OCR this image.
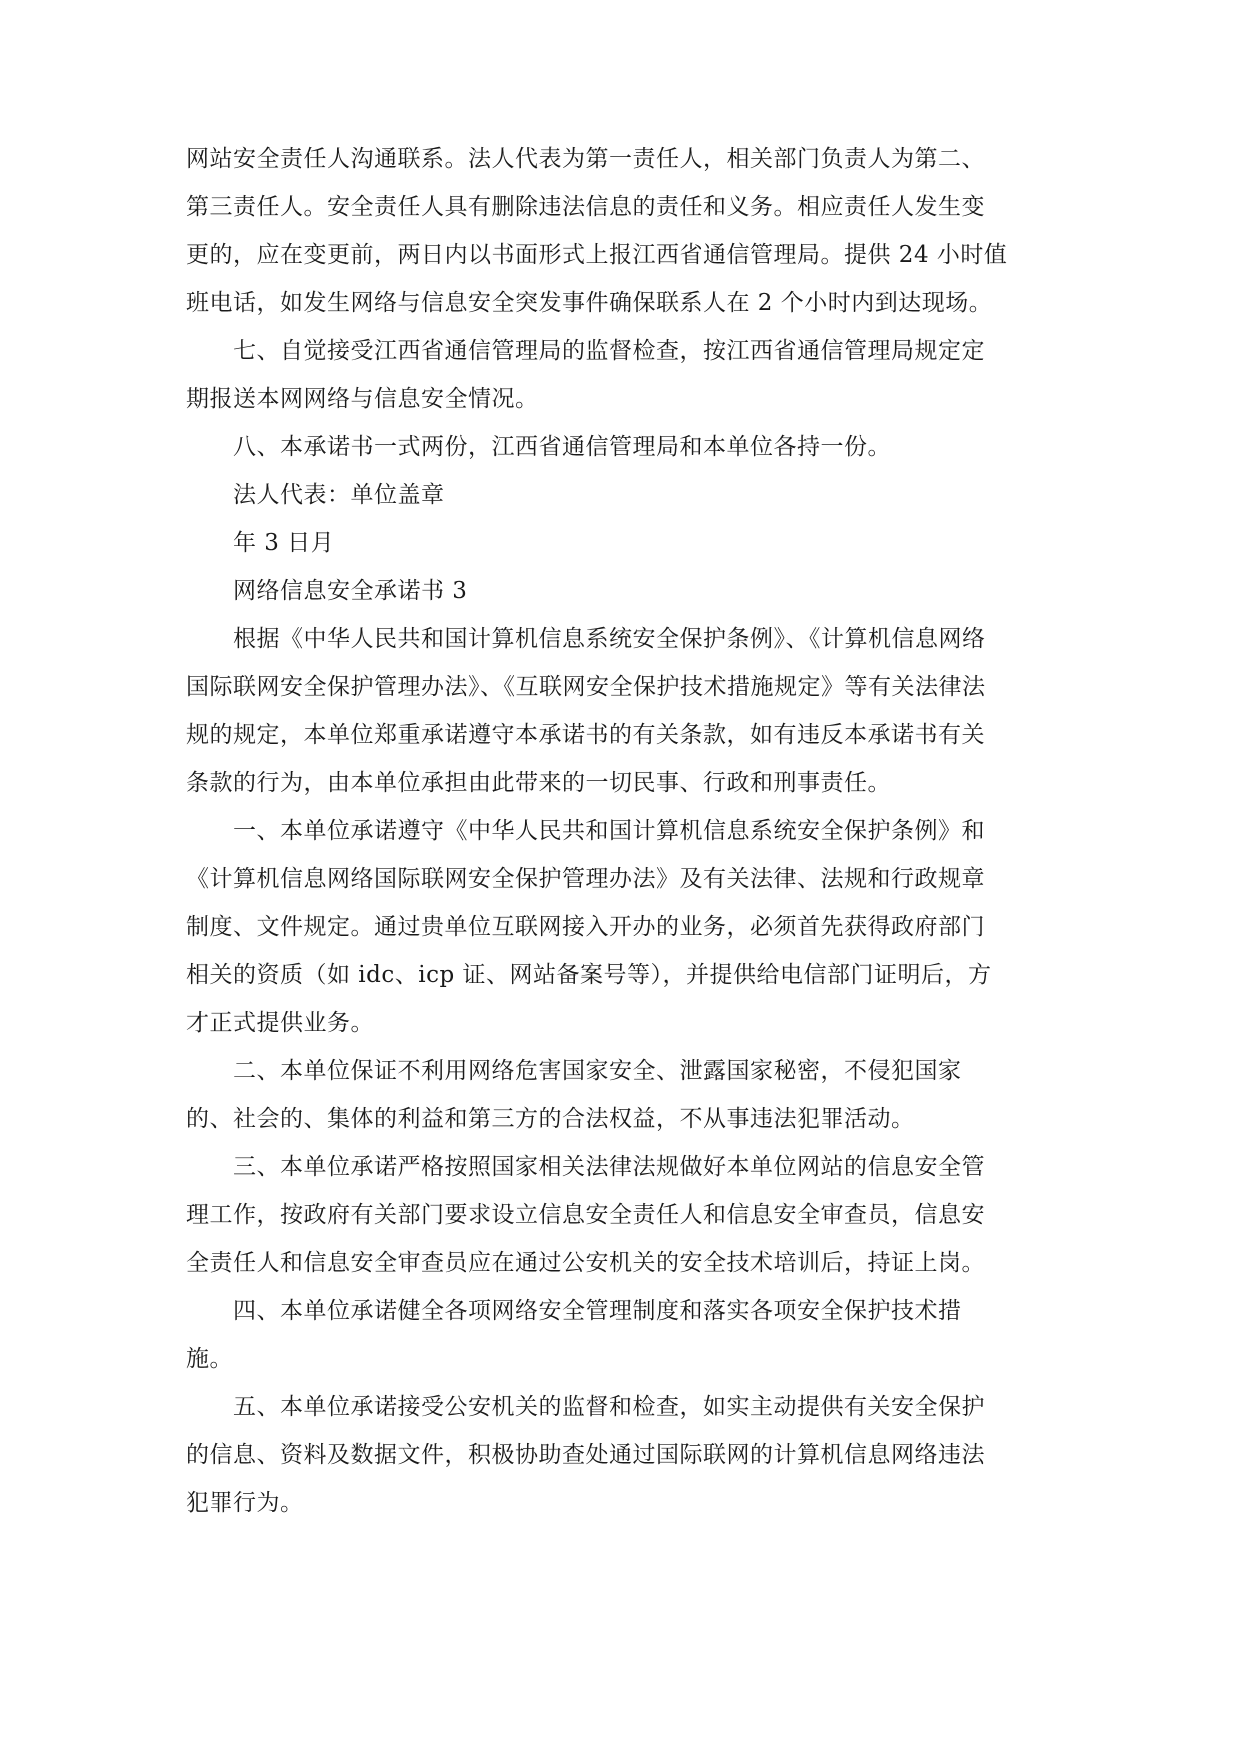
网站安全责任人沟通联系。法人代表为第一责任人，相关部门负责人为第二、
第三责任人。安全责任人具有删除违法信息的责任和义务。相应责任人发生变
更的，应在变更前，两日内以书面形式上报江西省通信管理局。提供 24 小时值
班电话，如发生网络与信息安全突发事件确保联系人在 2 个小时内到达现场。
七、自觉接受江西省通信管理局的监督检查，按江西省通信管理局规定定
期报送本网网络与信息安全情况。
八、本承诺书一式两份，江西省通信管理局和本单位各持一份。
法人代表：单位盖章
年 3 日月
网络信息安全承诺书 3
根据《中华人民共和国计算机信息系统安全保护条例》、《计算机信息网络
国际联网安全保护管理办法》、《互联网安全保护技术措施规定》等有关法律法
规的规定，本单位郑重承诺遵守本承诺书的有关条款，如有违反本承诺书有关
条款的行为，由本单位承担由此带来的一切民事、行政和刑事责任。
一、本单位承诺遵守《中华人民共和国计算机信息系统安全保护条例》和
《计算机信息网络国际联网安全保护管理办法》及有关法律、法规和行政规章
制度、文件规定。通过贵单位互联网接入开办的业务，必须首先获得政府部门
相关的资质（如 idc、icp 证、网站备案号等），并提供给电信部门证明后，方
才正式提供业务。
二、本单位保证不利用网络危害国家安全、泄露国家秘密，不侵犯国家
的、社会的、集体的利益和第三方的合法权益，不从事违法犯罪活动。
三、本单位承诺严格按照国家相关法律法规做好本单位网站的信息安全管
理工作，按政府有关部门要求设立信息安全责任人和信息安全审查员，信息安
全责任人和信息安全审查员应在通过公安机关的安全技术培训后，持证上岗。
四、本单位承诺健全各项网络安全管理制度和落实各项安全保护技术措
施。
五、本单位承诺接受公安机关的监督和检查，如实主动提供有关安全保护
的信息、资料及数据文件，积极协助查处通过国际联网的计算机信息网络违法
犯罪行为。
